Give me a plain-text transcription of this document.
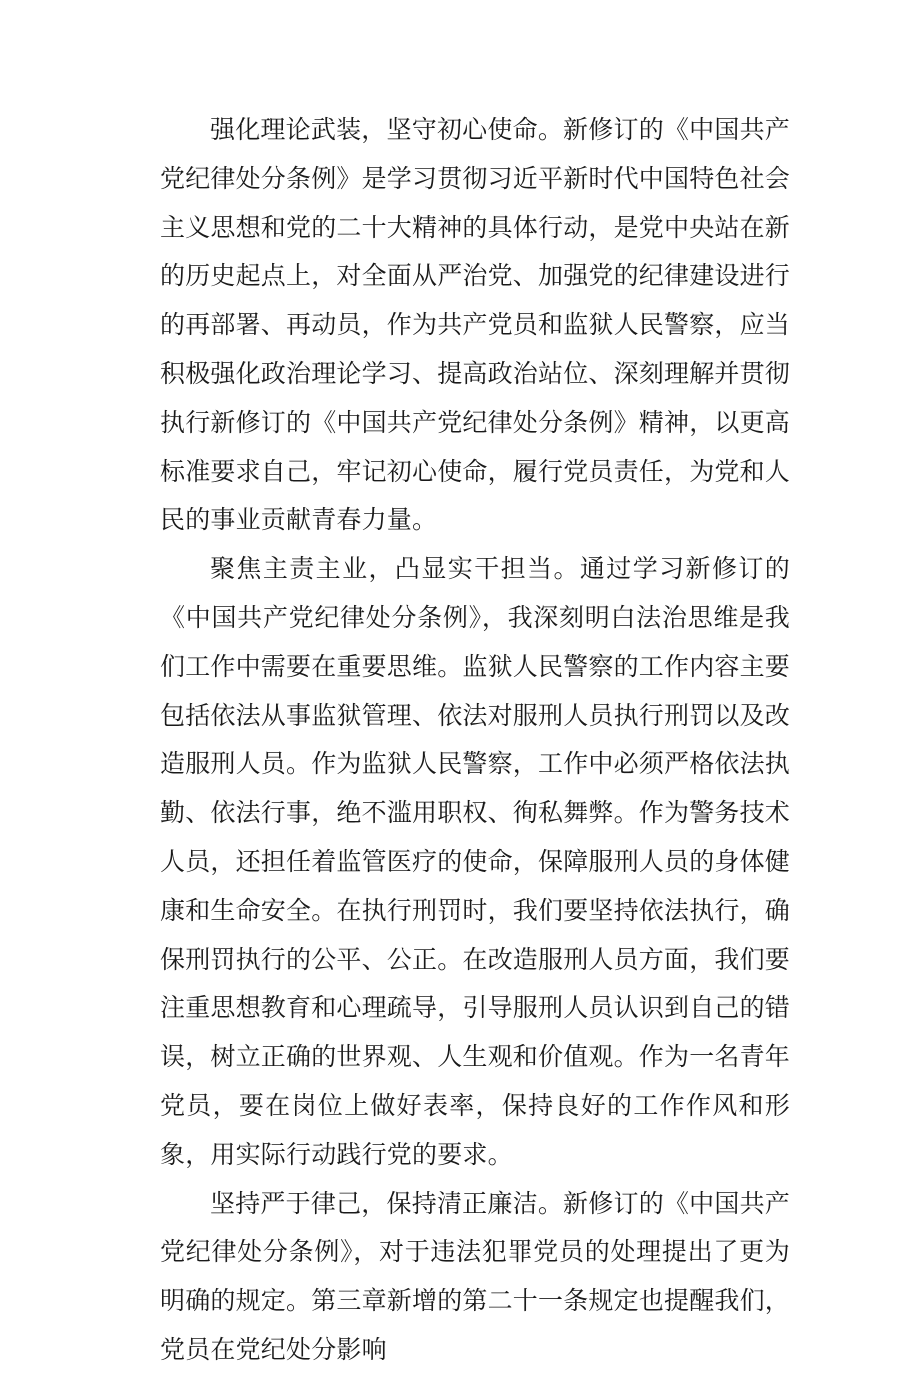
强化理论武装，坚守初心使命。新修订的《中国共产党纪律处分条例》是学习贯彻习近平新时代中国特色社会主义思想和党的二十大精神的具体行动，是党中央站在新的历史起点上，对全面从严治党、加强党的纪律建设进行的再部署、再动员，作为共产党员和监狱人民警察，应当积极强化政治理论学习、提高政治站位、深刻理解并贯彻执行新修订的《中国共产党纪律处分条例》精神，以更高标准要求自己，牢记初心使命，履行党员责任，为党和人民的事业贡献青春力量。

聚焦主责主业，凸显实干担当。通过学习新修订的《中国共产党纪律处分条例》，我深刻明白法治思维是我们工作中需要在重要思维。监狱人民警察的工作内容主要包括依法从事监狱管理、依法对服刑人员执行刑罚以及改造服刑人员。作为监狱人民警察，工作中必须严格依法执勤、依法行事，绝不滥用职权、徇私舞弊。作为警务技术人员，还担任着监管医疗的使命，保障服刑人员的身体健康和生命安全。在执行刑罚时，我们要坚持依法执行，确保刑罚执行的公平、公正。在改造服刑人员方面，我们要注重思想教育和心理疏导，引导服刑人员认识到自己的错误，树立正确的世界观、人生观和价值观。作为一名青年党员，要在岗位上做好表率，保持良好的工作作风和形象，用实际行动践行党的要求。

坚持严于律己，保持清正廉洁。新修订的《中国共产党纪律处分条例》，对于违法犯罪党员的处理提出了更为明确的规定。第三章新增的第二十一条规定也提醒我们，党员在党纪处分影响
